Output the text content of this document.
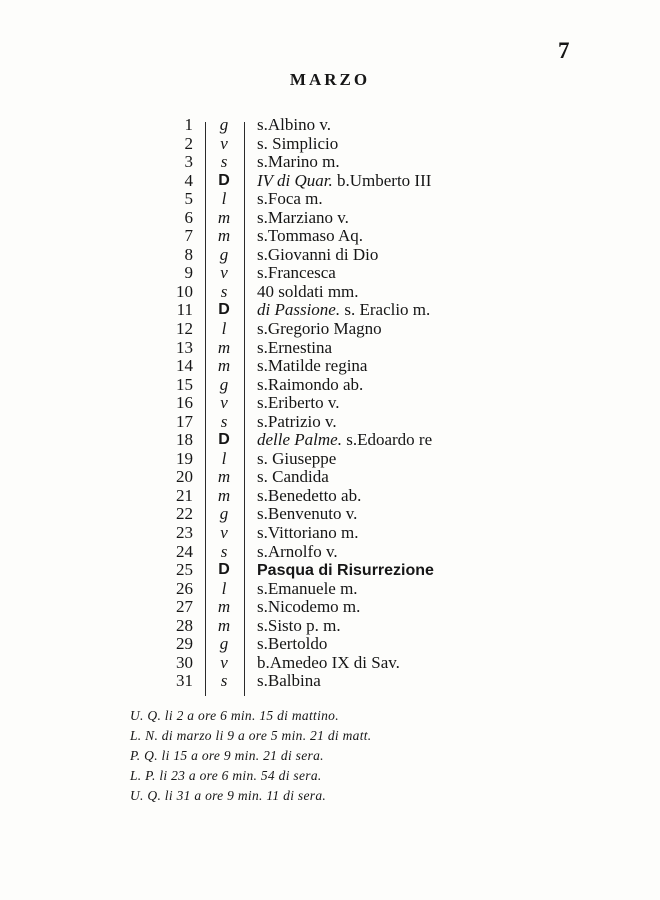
7
MARZO
1	g	s.Albino v.
2	v	s. Simplicio
3	s	s.Marino m.
4	D	IV di Quar. b.Umberto III
5	l	s.Foca m.
6	m	s.Marziano v.
7	m	s.Tommaso Aq.
8	g	s.Giovanni di Dio
9	v	s.Francesca
10	s	40 soldati mm.
11	D	di Passione. s. Eraclio m.
12	l	s.Gregorio Magno
13	m	s.Ernestina
14	m	s.Matilde regina
15	g	s.Raimondo ab.
16	v	s.Eriberto v.
17	s	s.Patrizio v.
18	D	delle Palme. s.Edoardo re
19	l	s. Giuseppe
20	m	s. Candida
21	m	s.Benedetto ab.
22	g	s.Benvenuto v.
23	v	s.Vittoriano m.
24	s	s.Arnolfo v.
25	D	Pasqua di Risurrezione
26	l	s.Emanuele m.
27	m	s.Nicodemo m.
28	m	s.Sisto p. m.
29	g	s.Bertoldo
30	v	b.Amedeo IX di Sav.
31	s	s.Balbina
U. Q. li 2 a ore 6 min. 15 di mattino.
L. N. di marzo li 9 a ore 5 min. 21 di matt.
P. Q. li 15 a ore 9 min. 21 di sera.
L. P. li 23 a ore 6 min. 54 di sera.
U. Q. li 31 a ore 9 min. 11 di sera.
